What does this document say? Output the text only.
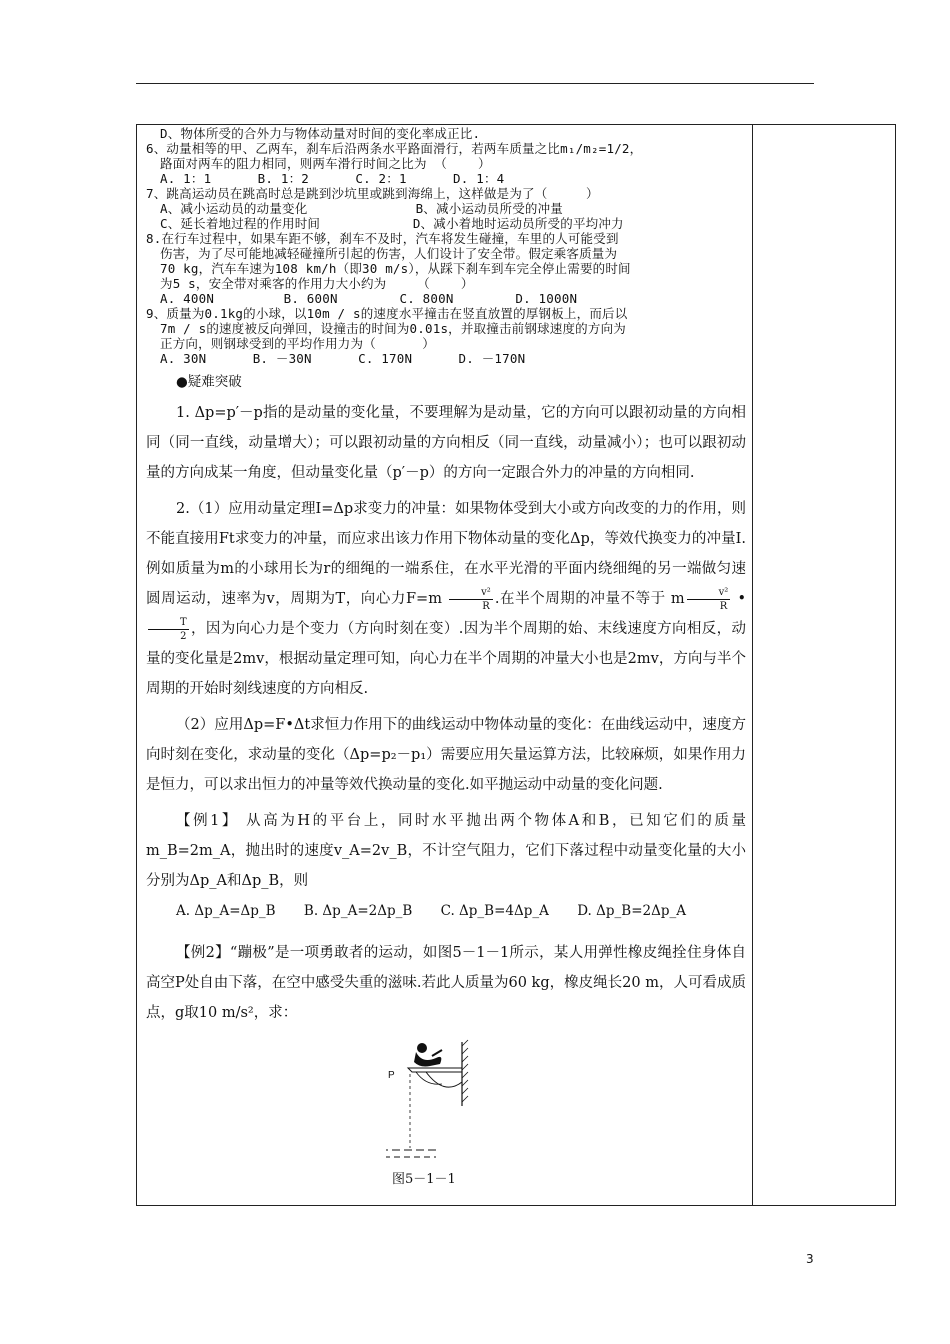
D、物体所受的合外力与物体动量对时间的变化率成正比.

6、动量相等的甲、乙两车，刹车后沿两条水平路面滑行，若两车质量之比m₁/m₂=1/2，

路面对两车的阻力相同，则两车滑行时间之比为 （    ）

A. 1：1      B. 1：2      C. 2：1      D. 1：4

7、跳高运动员在跳高时总是跳到沙坑里或跳到海绵上，这样做是为了（     ）

A、减小运动员的动量变化              B、减小运动员所受的冲量

C、延长着地过程的作用时间            D、减小着地时运动员所受的平均冲力

8.在行车过程中，如果车距不够，刹车不及时，汽车将发生碰撞，车里的人可能受到

伤害，为了尽可能地减轻碰撞所引起的伤害，人们设计了安全带。假定乘客质量为

70 kg，汽车车速为108 km/h（即30 m/s），从踩下刹车到车完全停止需要的时间

为5 s，安全带对乘客的作用力大小约为    （    ）

A. 400N         B. 600N        C. 800N        D. 1000N

9、质量为0.1kg的小球，以10m / s的速度水平撞击在竖直放置的厚钢板上，而后以

7m / s的速度被反向弹回，设撞击的时间为0.01s，并取撞击前钢球速度的方向为

正方向，则钢球受到的平均作用力为（      ）

A. 30N      B. －30N      C. 170N      D. －170N

●疑难突破

1. Δp=p′－p指的是动量的变化量，不要理解为是动量，它的方向可以跟初动量的方向相同（同一直线，动量增大）；可以跟初动量的方向相反（同一直线，动量减小）；也可以跟初动量的方向成某一角度，但动量变化量（p′－p）的方向一定跟合外力的冲量的方向相同.

2.（1）应用动量定理I=Δp求变力的冲量：如果物体受到大小或方向改变的力的作用，则不能直接用Ft求变力的冲量，而应求出该力作用下物体动量的变化Δp，等效代换变力的冲量I.例如质量为m的小球用长为r的细绳的一端系住，在水平光滑的平面内绕细绳的另一端做匀速圆周运动，速率为v，周期为T，向心力$F=m \frac{\text{v²}}{R}$ .在半个周期的冲量不等于 m $\frac{\text{v²}}{R}$ •
$\frac{T}{2}$ ，因为向心力是个变力（方向时刻在变）.因为半个周期的始、末线速度方向相反，动量的变化量是2mv，根据动量定理可知，向心力在半个周期的冲量大小也是2mv，方向与半个周期的开始时刻线速度的方向相反.

（2）应用Δp=F•Δt求恒力作用下的曲线运动中物体动量的变化：在曲线运动中，速度方向时刻在变化，求动量的变化（Δp=p₂－p₁）需要应用矢量运算方法，比较麻烦，如果作用力是恒力，可以求出恒力的冲量等效代换动量的变化.如平抛运动中动量的变化问题.

【例1】 从高为H的平台上，同时水平抛出两个物体A和B，已知它们的质量m_B=2m_A，抛出时的速度v_A=2v_B，不计空气阻力，它们下落过程中动量变化量的大小分别为Δp_A和Δp_B，则

A. Δp_A=Δp_B B. Δp_A=2Δp_B C. Δp_B=4Δp_A D. Δp_B=2Δp_A

【例2】“蹦极”是一项勇敢者的运动，如图5－1－1所示，某人用弹性橡皮绳拴住身体自高空P处自由下落，在空中感受失重的滋味.若此人质量为60 kg，橡皮绳长20 m，人可看成质点，g取10 m/s²，求：

P
图5－1－1
3
